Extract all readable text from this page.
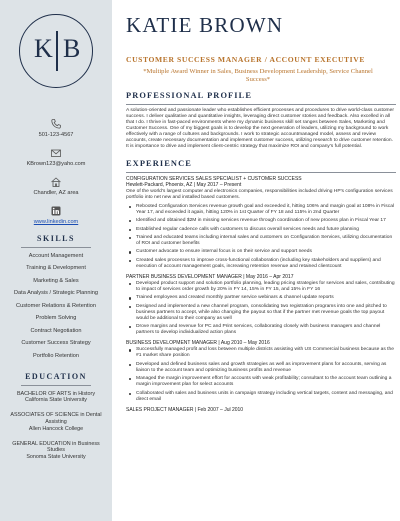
K B
501-123-4567
KBrown123@yaho.com
Chandler, AZ area
www.linkedin.com
SKILLS
Account Management
Training & Development
Marketing & Sales
Data Analysis / Strategic Planning
Customer Relations & Retention
Problem Solving
Contract Negotiation
Customer Success Strategy
Portfolio Retention
EDUCATION
BACHELOR OF ARTS in History
California State University
ASSOCIATES OF SCIENCE in Dental Assisting
Allen Hancock College
GENERAL EDUCATION in Business Studies
Sonoma State University
KATIE BROWN
CUSTOMER SUCCESS MANAGER / ACCOUNT EXECUTIVE
*Multiple Award Winner in Sales, Business Development Leadership, Service Channel Success*
PROFESSIONAL PROFILE
A solution-oriented and passionate leader who establishes efficient processes and procedures to drive world-class customer success. I deliver qualitative and quantitative insights, leveraging direct customer stories and feedback. Also excelled in all that I do. I thrive in fast-paced environments where my dynamic business skill set ranges between Sales, Marketing and Customer Success. One of my biggest goals is to develop the next generation of leaders, utilizing my background to work effectively with a range of cultures and backgrounds. I work to strategic accountmanaged model, assess and review accounts, create necessary documentation and implement customer success, utilizing research to drive customer retention. It is importance to drive and implement client-centric strategy that maximize ROI and company's full potential.
EXPERIENCE
CONFIGURATION SERVICES SALES SPECIALIST + CUSTOMER SUCCESS
Hewlett-Packard, Phoenix, AZ | May 2017 – Present
One of the world's largest computer and electronics companies, responsibilities included driving HP's configuration services portfolio into net new and installed based customers.
Rebooted Configuration Services revenue growth goal and exceeded it, hitting 106% and margin goal at 108% in Fiscal Year 17, and exceeded it again, hitting 120% in 1st Quarter of FY 18 and 115% in 2nd Quarter
Identified and obtained $2M in missing services revenue through coordination of new process plan in Fiscal Year 17
Established regular cadence calls with customers to discuss overall services needs and future planning
Trained and educated teams including internal sales and customers on Configuration Services, utilizing documentation of ROI and customer benefits
Customer advocate to ensure internal focus is on their service and support needs
Created sales processes to improve cross-functional collaboration (including key stakeholders and suppliers) and execution of account management goals, increasing retention revenue and retained clientcount
PARTNER BUSINESS DEVELOPMENT MANAGER | May 2016 – Apr 2017
Developed product support and solution portfolio planning, leading pricing strategies for services and sales, contributing to impact of services order growth by 20% in FY 14, 15% in FY 15, and 15% in FY 16
Trained employees and created monthly partner service webinars & channel update reports
Designed and implemented a new channel program, consolidating two registration programs into one and pitched to business partners to accept, while also changing the payout so that if the partner met revenue goals the top payout would be additional to their company as well
Drove margins and revenue for PC and Print services, collaborating closely with business managers and channel partners to develop individualized action plans
BUSINESS DEVELOPMENT MANAGER | Aug 2010 – May 2016
Successfully managed profit and loss between multiple districts assisting with US Commercial business because as the #1 market share position
Developed and defined business sales and growth strategies as well as improvement plans for accounts, serving as liaison to the account team and optimizing business profits and revenue
Managed the margin improvement effort for accounts with weak profitability; consultant to the account team outlining a margin improvement plan for select accounts
Collaborated with sales and business units in campaign strategy including vertical targets, content and messaging, and direct email
SALES PROJECT MANAGER | Feb 2007 – Jul 2010
